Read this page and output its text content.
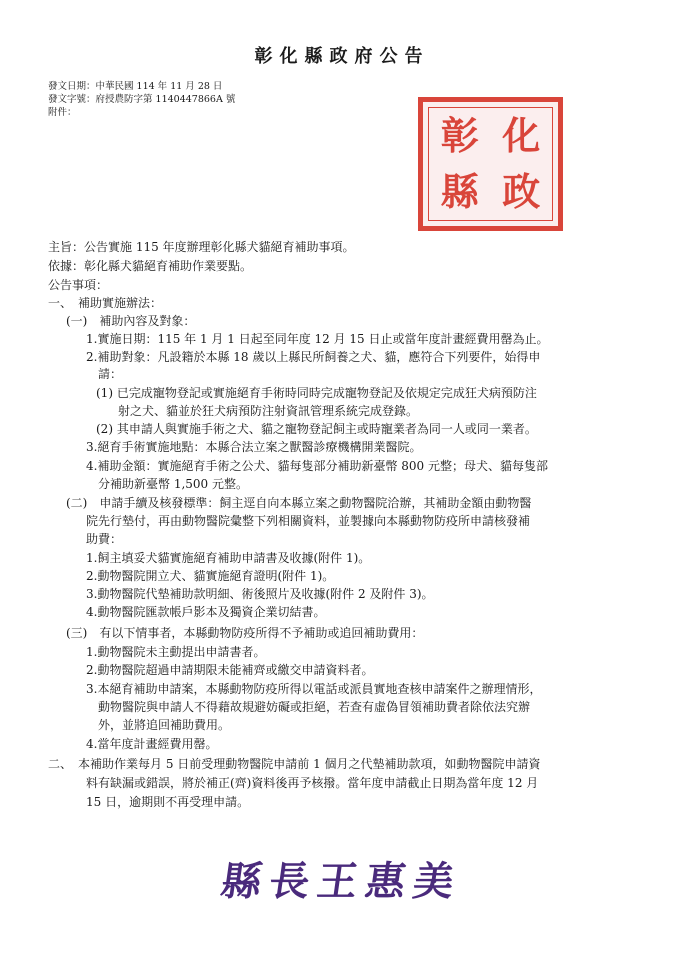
彰化縣政府公告
發文日期：中華民國 114 年 11 月 28 日
發文字號：府授農防字第 1140447866A 號
附件：
彰 化
縣 政
主旨：公告實施 115 年度辦理彰化縣犬貓絕育補助事項。
依據：彰化縣犬貓絕育補助作業要點。
公告事項：
一、　補助實施辦法：
(一)　補助內容及對象：
1.實施日期：115 年 1 月 1 日起至同年度 12 月 15 日止或當年度計畫經費用罄為止。
2.補助對象：凡設籍於本縣 18 歲以上縣民所飼養之犬、貓，應符合下列要件，始得申
請：
(1) 已完成寵物登記或實施絕育手術時同時完成寵物登記及依規定完成狂犬病預防注
射之犬、貓並於狂犬病預防注射資訊管理系統完成登錄。
(2) 其申請人與實施手術之犬、貓之寵物登記飼主或時寵業者為同一人或同一業者。
3.絕育手術實施地點：本縣合法立案之獸醫診療機構開業醫院。
4.補助金額：實施絕育手術之公犬、貓每隻部分補助新臺幣 800 元整；母犬、貓每隻部
分補助新臺幣 1,500 元整。
(二)　申請手續及核發標準：飼主逕自向本縣立案之動物醫院洽辦，其補助金額由動物醫
院先行墊付，再由動物醫院彙整下列相關資料，並製據向本縣動物防疫所申請核發補
助費：
1.飼主填妥犬貓實施絕育補助申請書及收據(附件 1)。
2.動物醫院開立犬、貓實施絕育證明(附件 1)。
3.動物醫院代墊補助款明細、術後照片及收據(附件 2 及附件 3)。
4.動物醫院匯款帳戶影本及獨資企業切結書。
(三)　有以下情事者，本縣動物防疫所得不予補助或追回補助費用：
1.動物醫院未主動提出申請書者。
2.動物醫院超過申請期限未能補齊或繳交申請資料者。
3.本絕育補助申請案，本縣動物防疫所得以電話或派員實地查核申請案件之辦理情形，
動物醫院與申請人不得藉故規避妨礙或拒絕，若查有虛偽冒領補助費者除依法究辦
外，並將追回補助費用。
4.當年度計畫經費用罄。
二、　本補助作業每月 5 日前受理動物醫院申請前 1 個月之代墊補助款項，如動物醫院申請資
料有缺漏或錯誤，將於補正(齊)資料後再予核撥。當年度申請截止日期為當年度 12 月
15 日，逾期則不再受理申請。
縣長王惠美
